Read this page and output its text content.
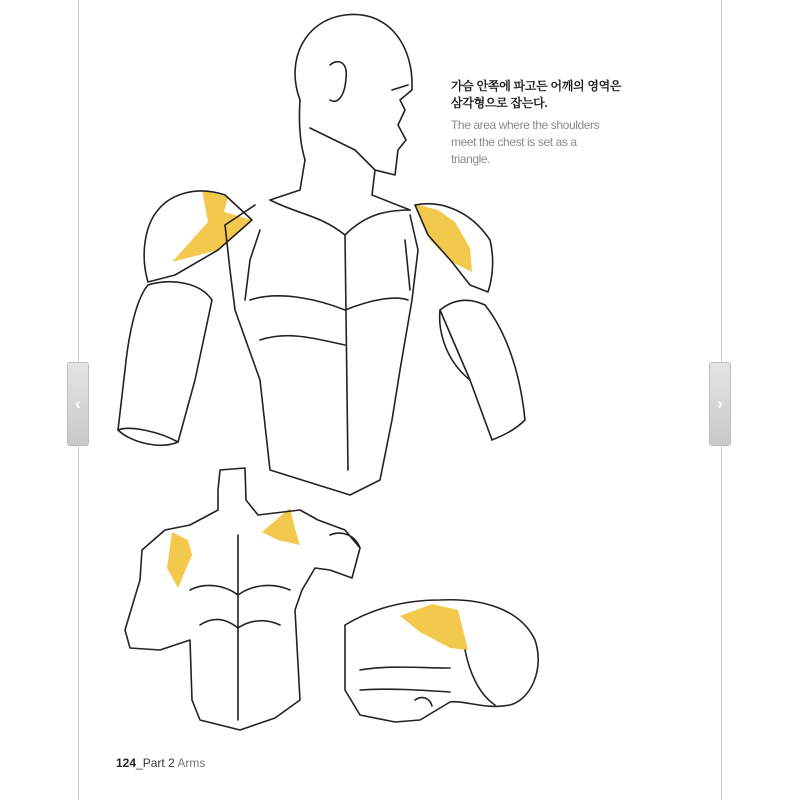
가슴 안쪽에 파고든 어깨의 영역은
삼각형으로 잡는다.
The area where the shoulders
meet the chest is set as a
triangle.
124_Part 2 Arms
‹	›
